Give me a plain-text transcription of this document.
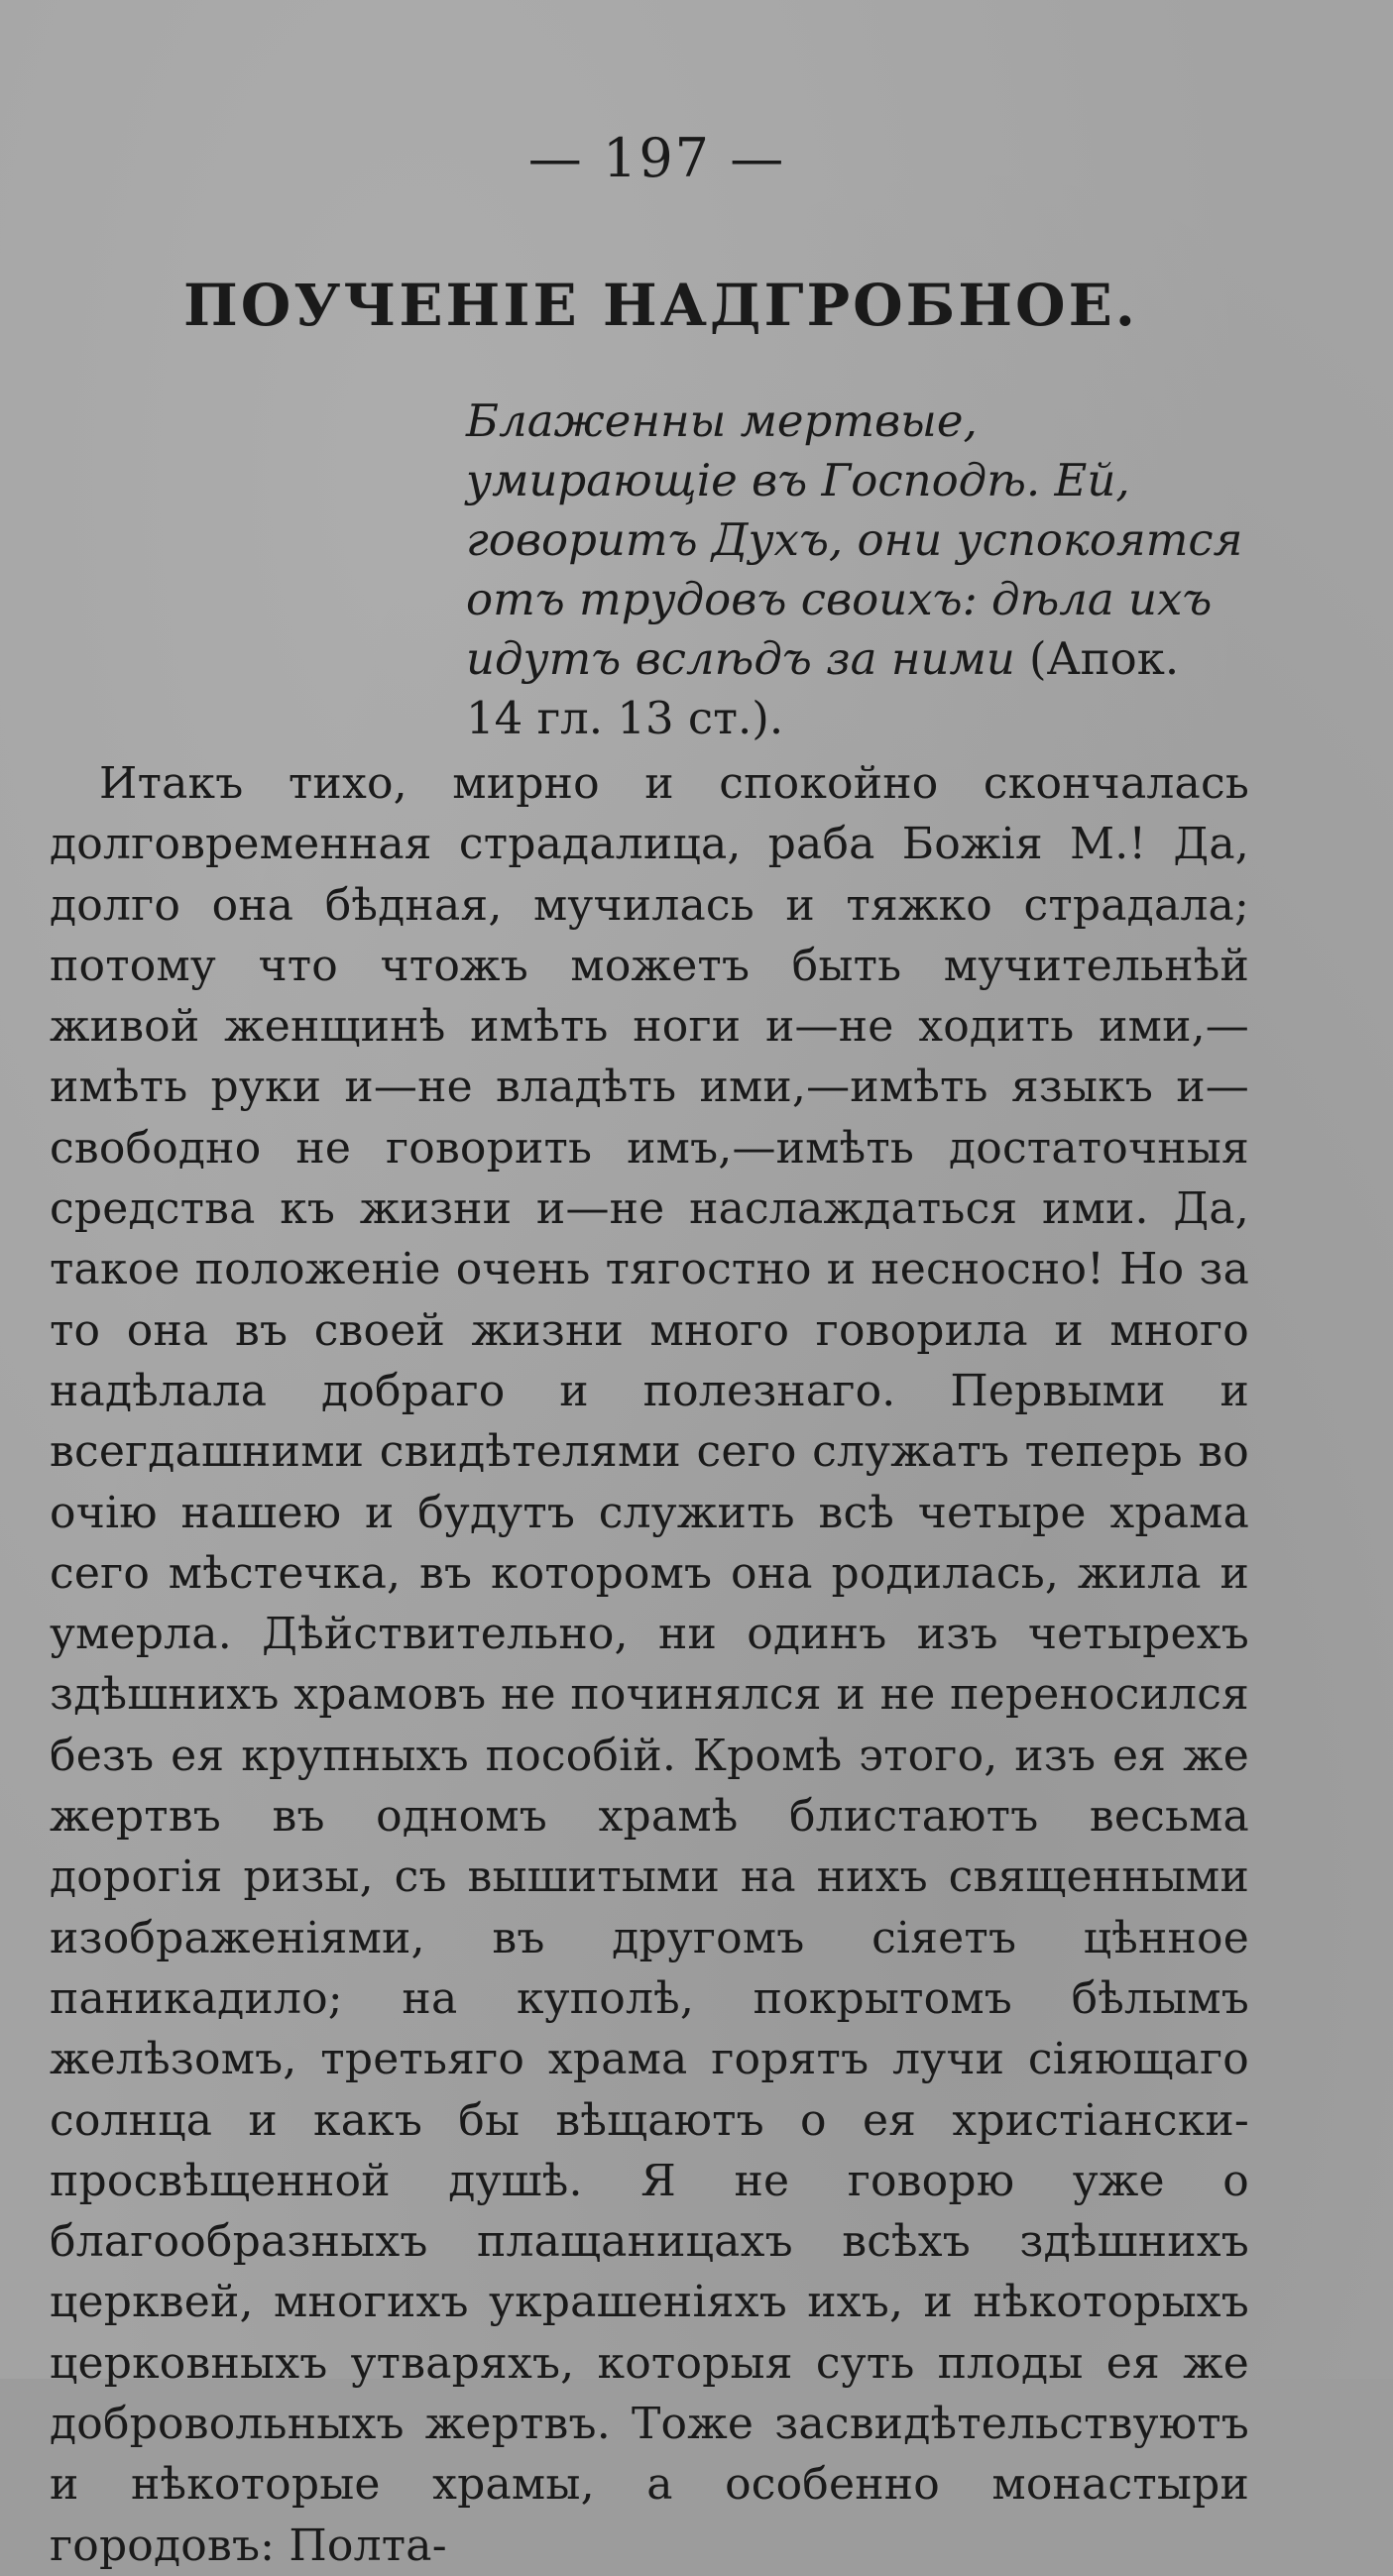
— 197 —
ПОУЧЕНІЕ НАДГРОБНОЕ.
Блаженны мертвые, умирающіе въ Господѣ. Ей, говоритъ Духъ, они успокоятся отъ трудовъ своихъ: дѣла ихъ идутъ вслѣдъ за ними (Апок. 14 гл. 13 ст.).
Итакъ тихо, мирно и спокойно скончалась долговременная страдалица, раба Божія М.! Да, долго она бѣдная, мучилась и тяжко страдала; потому что чтожъ можетъ быть мучительнѣй живой женщинѣ имѣть ноги и—не ходить ими,—имѣть руки и—не владѣть ими,—имѣть языкъ и—свободно не говорить имъ,—имѣть достаточныя средства къ жизни и—не наслаждаться ими. Да, такое положеніе очень тягостно и несносно! Но за то она въ своей жизни много говорила и много надѣлала добраго и полезнаго. Первыми и всегдашними свидѣтелями сего служатъ теперь во очію нашею и будутъ служить всѣ четыре храма сего мѣстечка, въ которомъ она родилась, жила и умерла. Дѣйствительно, ни одинъ изъ четырехъ здѣшнихъ храмовъ не починялся и не переносился безъ ея крупныхъ пособій. Кромѣ этого, изъ ея же жертвъ въ одномъ храмѣ блистаютъ весьма дорогія ризы, съ вышитыми на нихъ священными изображеніями, въ другомъ сіяетъ цѣнное паникадило; на куполѣ, покрытомъ бѣлымъ желѣзомъ, третьяго храма горятъ лучи сіяющаго солнца и какъ бы вѣщаютъ о ея христіански-просвѣщенной душѣ. Я не говорю уже о благообразныхъ плащаницахъ всѣхъ здѣшнихъ церквей, многихъ украшеніяхъ ихъ, и нѣкоторыхъ церковныхъ утваряхъ, которыя суть плоды ея же добровольныхъ жертвъ. Тоже засвидѣтельствуютъ и нѣкоторые храмы, а особенно монастыри городовъ: Полта-
